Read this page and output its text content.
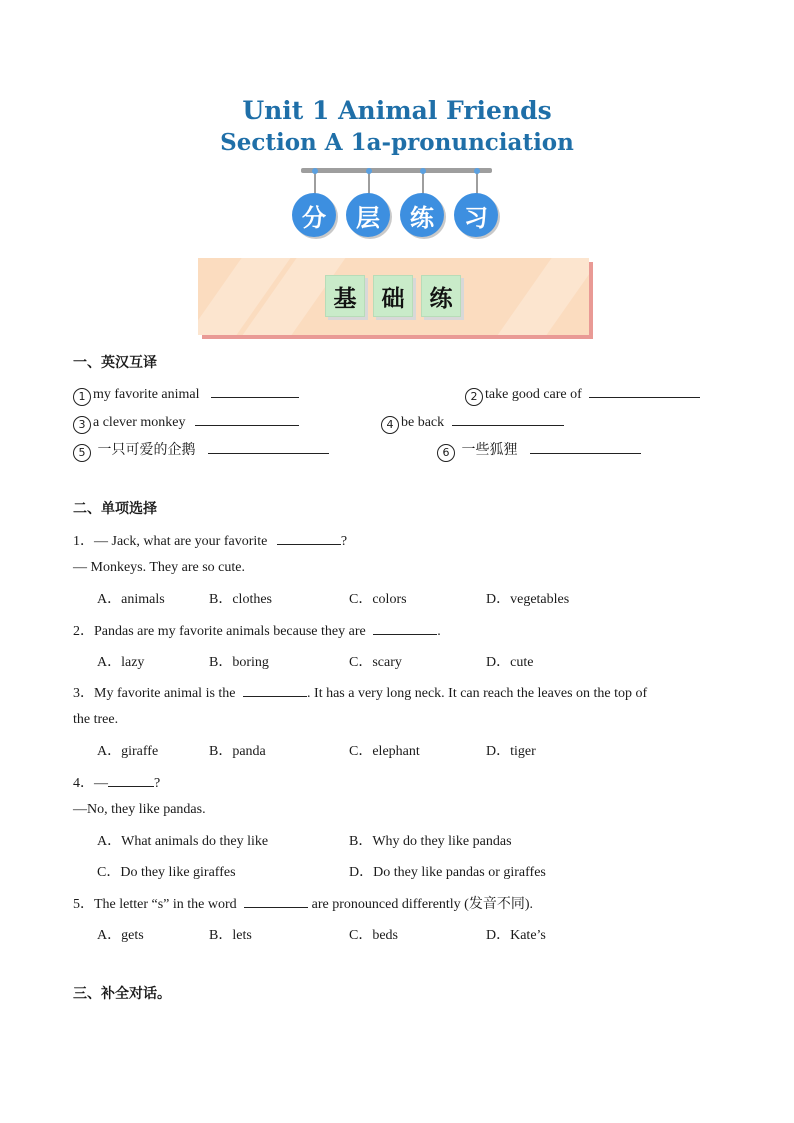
Unit 1 Animal Friends
Section A 1a-pronunciation
分	层	练	习
基	础	练
一、英汉互译
1 my favorite animal	2 take good care of
3 a clever monkey	4 be back
5 一只可爱的企鹅	6 一些狐狸
二、单项选择
1．— Jack, what are your favorite	?
— Monkeys. They are so cute.
A．animals	B．clothes	C．colors	D．vegetables
2．Pandas are my favorite animals because they are	.
A．lazy	B．boring	C．scary	D．cute
3．My favorite animal is the	. It has a very long neck. It can reach the leaves on the top of
the tree.
A．giraffe	B．panda	C．elephant	D．tiger
4．—	?
—No, they like pandas.
A．What animals do they like	B．Why do they like pandas
C．Do they like giraffes	D．Do they like pandas or giraffes
5．The letter “s” in the word	are pronounced differently (发音不同).
A．gets	B．lets	C．beds	D．Kate’s
三、补全对话。
